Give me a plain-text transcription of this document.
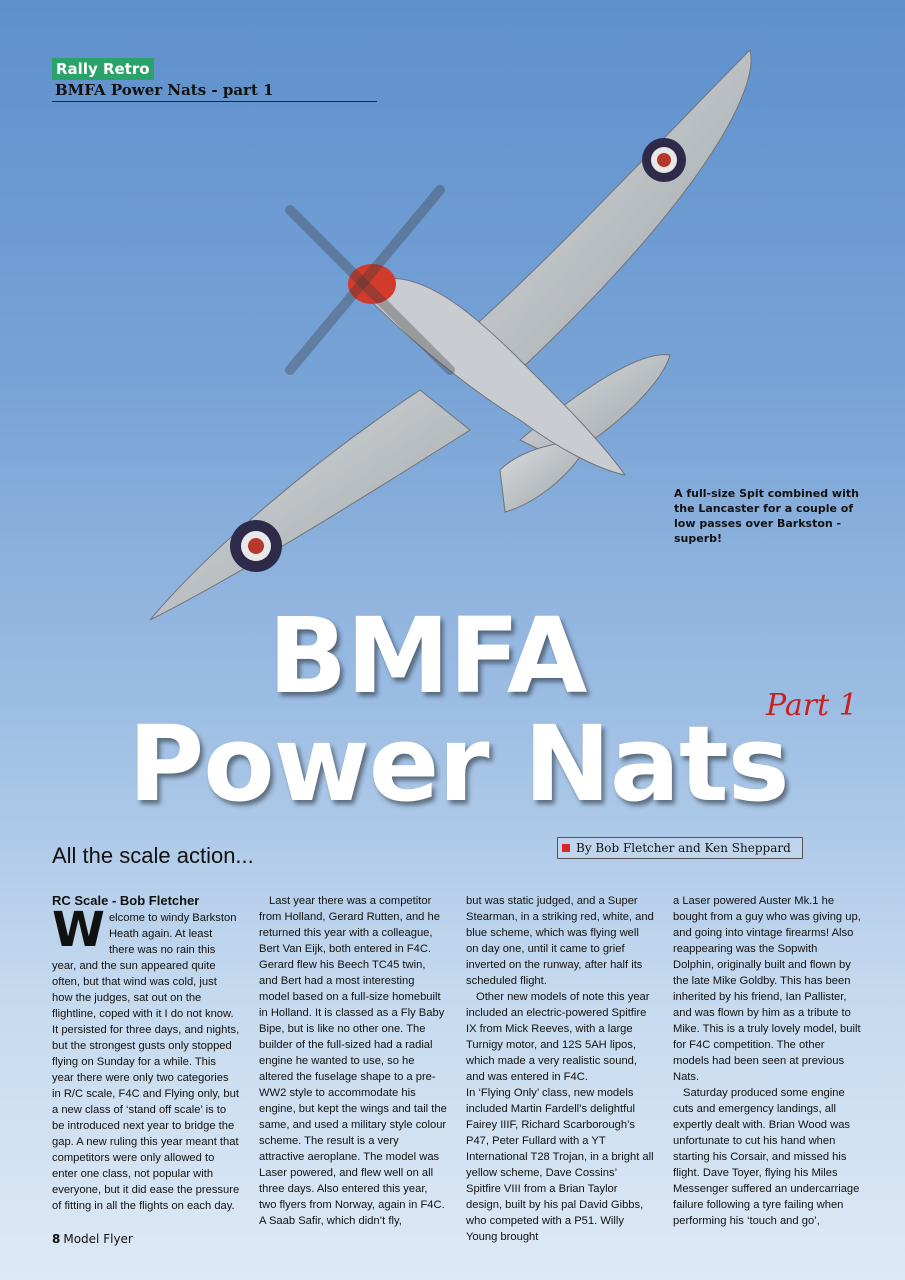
Rally Retro BMFA Power Nats - part 1
A full-size Spit combined with the Lancaster for a couple of low passes over Barkston - superb!
BMFA
Power Nats
Part 1
All the scale action...	By Bob Fletcher and Ken Sheppard
RC Scale - Bob Fletcher

Welcome to windy Barkston Heath again. At least there was no rain this year, and the sun appeared quite often, but that wind was cold, just how the judges, sat out on the flightline, coped with it I do not know. It persisted for three days, and nights, but the strongest gusts only stopped flying on Sunday for a while. This year there were only two categories in R/C scale, F4C and Flying only, but a new class of ‘stand off scale’ is to be introduced next year to bridge the gap. A new ruling this year meant that competitors were only allowed to enter one class, not popular with everyone, but it did ease the pressure of fitting in all the flights on each day.

Last year there was a competitor from Holland, Gerard Rutten, and he returned this year with a colleague, Bert Van Eijk, both entered in F4C. Gerard flew his Beech TC45 twin, and Bert had a most interesting model based on a full-size homebuilt in Holland. It is classed as a Fly Baby Bipe, but is like no other one. The builder of the full-sized had a radial engine he wanted to use, so he altered the fuselage shape to a pre-WW2 style to accommodate his engine, but kept the wings and tail the same, and used a military style colour scheme. The result is a very attractive aeroplane. The model was Laser powered, and flew well on all three days. Also entered this year, two flyers from Norway, again in F4C. A Saab Safir, which didn’t fly,

but was static judged, and a Super Stearman, in a striking red, white, and blue scheme, which was flying well on day one, until it came to grief inverted on the runway, after half its scheduled flight.

Other new models of note this year included an electric-powered Spitfire IX from Mick Reeves, with a large Turnigy motor, and 12S 5AH lipos, which made a very realistic sound, and was entered in F4C.

In ‘Flying Only’ class, new models included Martin Fardell’s delightful Fairey IIIF, Richard Scarborough’s P47, Peter Fullard with a YT International T28 Trojan, in a bright all yellow scheme, Dave Cossins’ Spitfire VIII from a Brian Taylor design, built by his pal David Gibbs, who competed with a P51. Willy Young brought

a Laser powered Auster Mk.1 he bought from a guy who was giving up, and going into vintage firearms! Also reappearing was the Sopwith Dolphin, originally built and flown by the late Mike Goldby. This has been inherited by his friend, Ian Pallister, and was flown by him as a tribute to Mike. This is a truly lovely model, built for F4C competition. The other models had been seen at previous Nats.

Saturday produced some engine cuts and emergency landings, all expertly dealt with. Brian Wood was unfortunate to cut his hand when starting his Corsair, and missed his flight. Dave Toyer, flying his Miles Messenger suffered an undercarriage failure following a tyre failing when performing his ‘touch and go’,

8 Model Flyer
